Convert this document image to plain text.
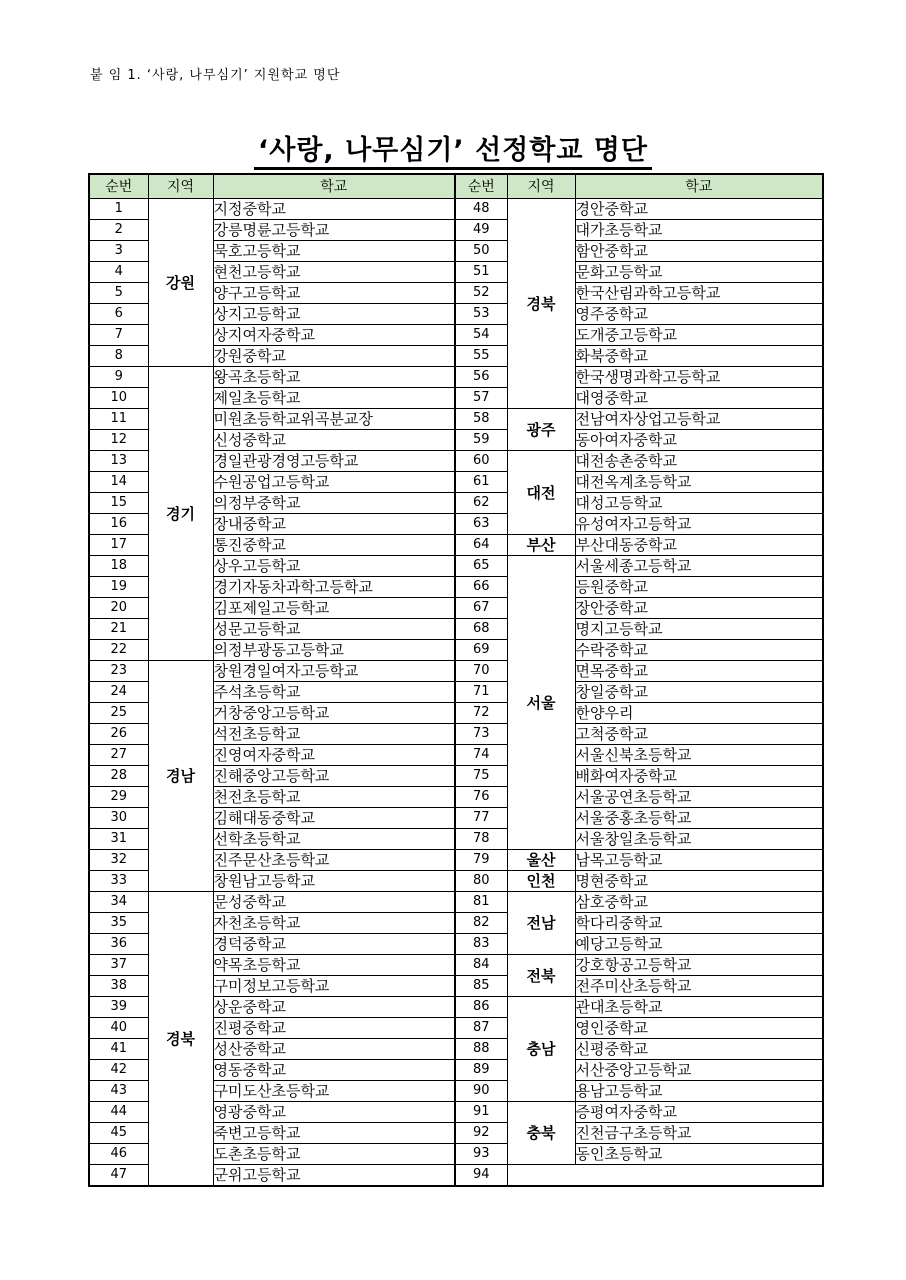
붙 임 1. ‘사랑, 나무심기’ 지원학교 명단
‘사랑, 나무심기’ 선정학교 명단
순번	지역	학교	순번	지역	학교
1	강원	지정중학교	48	경북	경안중학교
2		강릉명륜고등학교	49		대가초등학교
3		묵호고등학교	50		함안중학교
4		현천고등학교	51		문화고등학교
5		양구고등학교	52		한국산림과학고등학교
6		상지고등학교	53		영주중학교
7		상지여자중학교	54		도개중고등학교
8		강원중학교	55		화북중학교
9	경기	왕곡초등학교	56		한국생명과학고등학교
10		제일초등학교	57		대영중학교
11		미원초등학교위곡분교장	58	광주	전남여자상업고등학교
12		신성중학교	59		동아여자중학교
13		경일관광경영고등학교	60	대전	대전송촌중학교
14		수원공업고등학교	61		대전옥계초등학교
15		의정부중학교	62		대성고등학교
16		장내중학교	63		유성여자고등학교
17		통진중학교	64	부산	부산대동중학교
18		상우고등학교	65	서울	서울세종고등학교
19		경기자동차과학고등학교	66		등원중학교
20		김포제일고등학교	67		장안중학교
21		성문고등학교	68		명지고등학교
22		의정부광동고등학교	69		수락중학교
23	경남	창원경일여자고등학교	70		면목중학교
24		주석초등학교	71		창일중학교
25		거창중앙고등학교	72		한양우리
26		석전초등학교	73		고척중학교
27		진영여자중학교	74		서울신북초등학교
28		진해중앙고등학교	75		배화여자중학교
29		천전초등학교	76		서울공연초등학교
30		김해대동중학교	77		서울중홍초등학교
31		선학초등학교	78		서울창일초등학교
32		진주문산초등학교	79	울산	남목고등학교
33		창원남고등학교	80	인천	명현중학교
34	경북	문성중학교	81	전남	삼호중학교
35		자천초등학교	82		학다리중학교
36		경덕중학교	83		예당고등학교
37		약목초등학교	84	전북	강호항공고등학교
38		구미정보고등학교	85		전주미산초등학교
39		상운중학교	86	충남	관대초등학교
40		진평중학교	87		영인중학교
41		성산중학교	88		신평중학교
42		영동중학교	89		서산중앙고등학교
43		구미도산초등학교	90		용남고등학교
44		영광중학교	91	충북	증평여자중학교
45		죽변고등학교	92		진천금구초등학교
46		도촌초등학교	93		동인초등학교
47		군위고등학교	94		
